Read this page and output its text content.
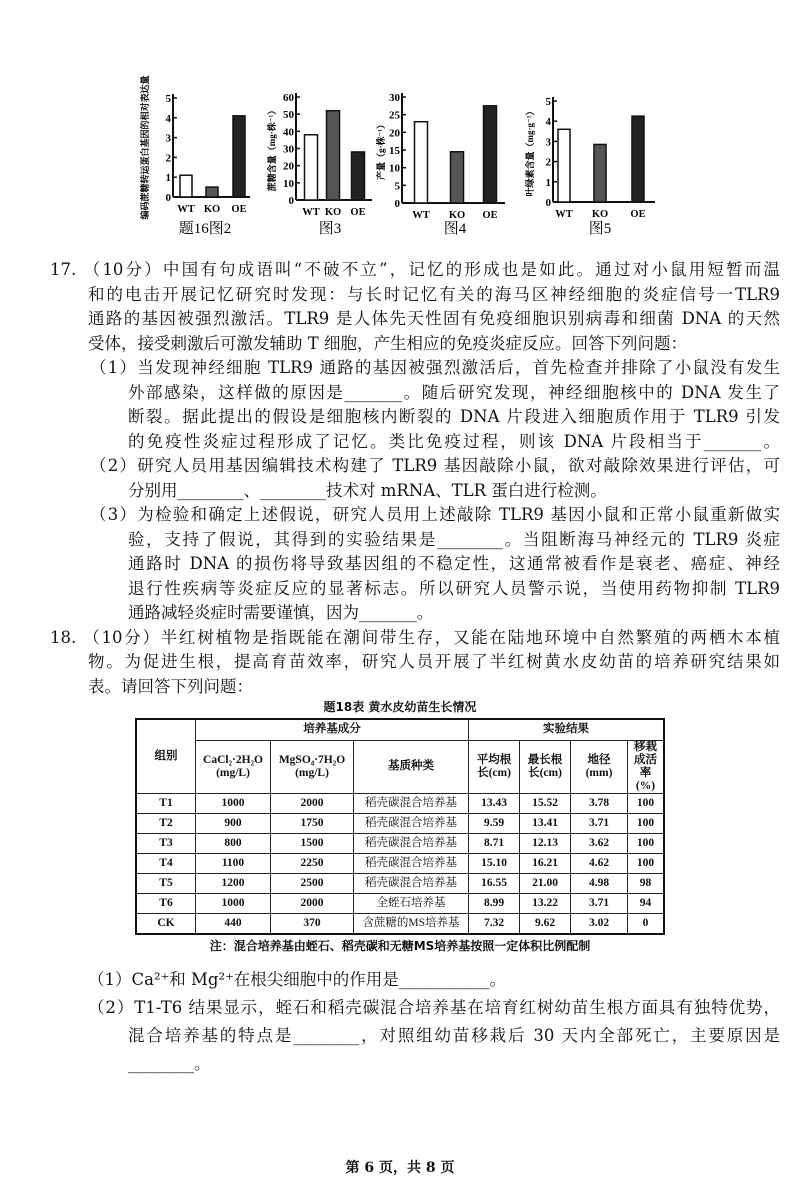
0
1
2
3
4
5
WT KO OE
编码蔗糖转运蛋白基因的相对表达量
题16图2
0
10
20
30
40
50
60
WT KO OE
蔗糖含量（mg·株⁻¹）
图3
0
5
10
15
20
25
30
WT KO OE
产量（g·株⁻¹）
图4
0
1
2
3
4
5
WT KO OE
叶绿素含量（mg·g⁻¹）
图5
17. （10分）中国有句成语叫“不破不立”，记忆的形成也是如此。通过对小鼠用短暂而温
和的电击开展记忆研究时发现：与长时记忆有关的海马区神经细胞的炎症信号一TLR9
通路的基因被强烈激活。TLR9 是人体先天性固有免疫细胞识别病毒和细菌 DNA 的天然
受体，接受刺激后可激发辅助 T 细胞，产生相应的免疫炎症反应。回答下列问题：
（1）当发现神经细胞 TLR9 通路的基因被强烈激活后，首先检查并排除了小鼠没有发生
外部感染，这样做的原因是_______。随后研究发现，神经细胞核中的 DNA 发生了
断裂。据此提出的假设是细胞核内断裂的 DNA 片段进入细胞质作用于 TLR9 引发
的免疫性炎症过程形成了记忆。类比免疫过程，则该 DNA 片段相当于_______。
（2）研究人员用基因编辑技术构建了 TLR9 基因敲除小鼠，欲对敲除效果进行评估，可
分别用________、________技术对 mRNA、TLR 蛋白进行检测。
（3）为检验和确定上述假说，研究人员用上述敲除 TLR9 基因小鼠和正常小鼠重新做实
验，支持了假说，其得到的实验结果是________。当阻断海马神经元的 TLR9 炎症
通路时 DNA 的损伤将导致基因组的不稳定性，这通常被看作是衰老、癌症、神经
退行性疾病等炎症反应的显著标志。所以研究人员警示说，当使用药物抑制 TLR9
通路减轻炎症时需要谨慎，因为_______。
18. （10分）半红树植物是指既能在潮间带生存，又能在陆地环境中自然繁殖的两栖木本植
物。为促进生根，提高育苗效率，研究人员开展了半红树黄水皮幼苗的培养研究结果如
表。请回答下列问题：
题18表 黄水皮幼苗生长情况
组别	培养基成分			实验结果			
	CaCl₂·2H₂O
(mg/L)	MgSO₄·7H₂O
(mg/L)	基质种类	平均根长(cm)	最长根长(cm)	地径(mm)	移栽成活率(%)
T1	1000	2000	稻壳碳混合培养基	13.43	15.52	3.78	100
T2	900	1750	稻壳碳混合培养基	9.59	13.41	3.71	100
T3	800	1500	稻壳碳混合培养基	8.71	12.13	3.62	100
T4	1100	2250	稻壳碳混合培养基	15.10	16.21	4.62	100
T5	1200	2500	稻壳碳混合培养基	16.55	21.00	4.98	98
T6	1000	2000	全蛭石培养基	8.99	13.22	3.71	94
CK	440	370	含蔗糖的MS培养基	7.32	9.62	3.02	0
注：混合培养基由蛭石、稻壳碳和无糖MS培养基按照一定体积比例配制
（1）Ca²⁺和 Mg²⁺在根尖细胞中的作用是___________。
（2）T1-T6 结果显示，蛭石和稻壳碳混合培养基在培育红树幼苗生根方面具有独特优势，
混合培养基的特点是________，对照组幼苗移栽后 30 天内全部死亡，主要原因是
________。
第 6 页，共 8 页
